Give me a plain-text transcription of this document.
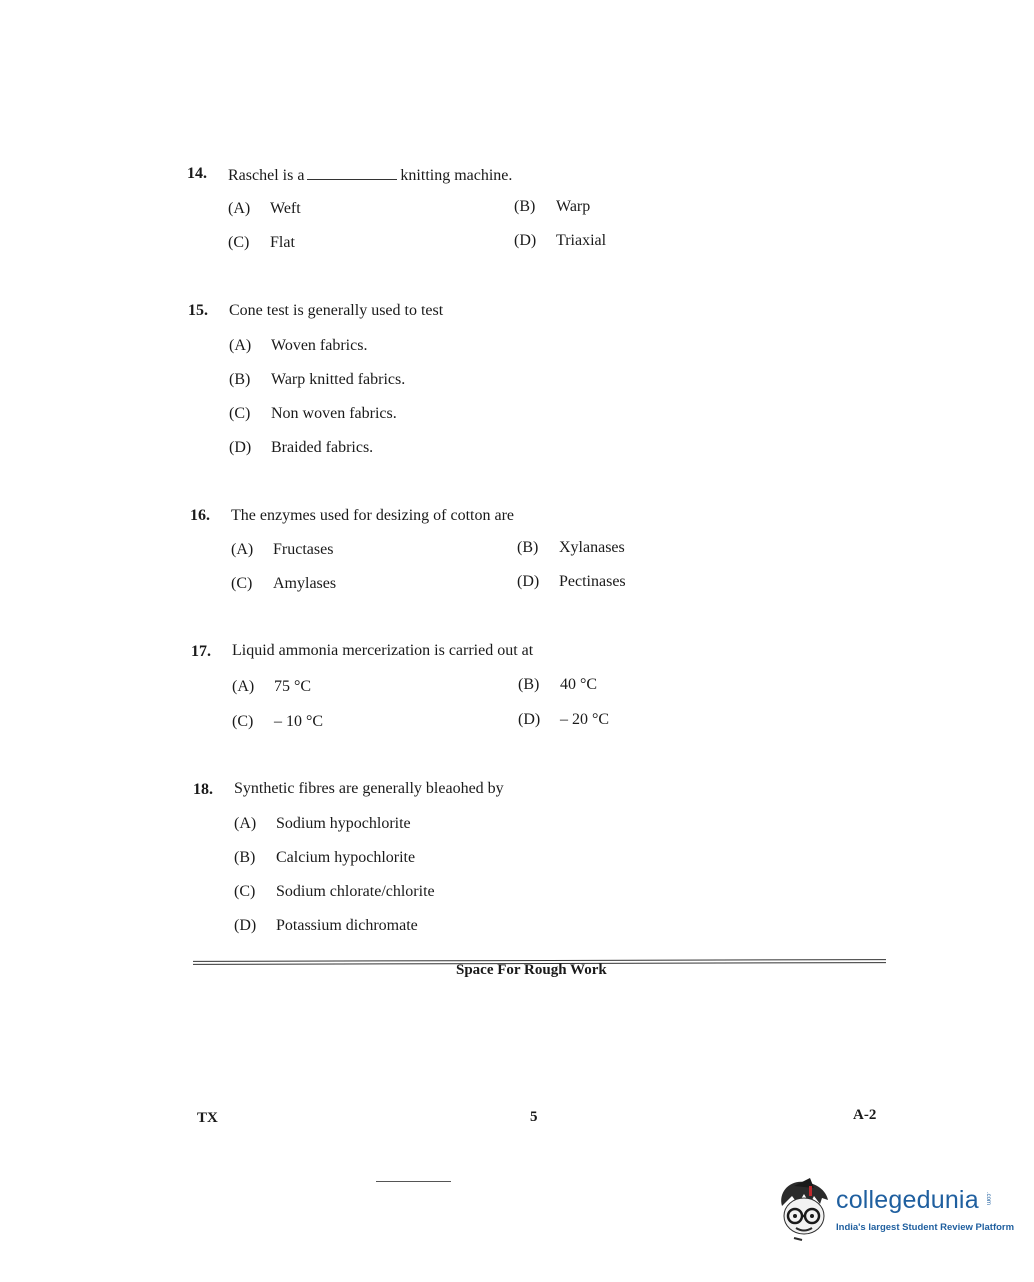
14. Raschel is a	knitting machine.
(A) Weft	(B) Warp
(C) Flat	(D) Triaxial
15. Cone test is generally used to test
(A) Woven fabrics.
(B) Warp knitted fabrics.
(C) Non woven fabrics.
(D) Braided fabrics.
16. The enzymes used for desizing of cotton are
(A) Fructases	(B) Xylanases
(C) Amylases	(D) Pectinases
17. Liquid ammonia mercerization is carried out at
(A) 75 °C	(B) 40 °C
(C) – 10 °C	(D) – 20 °C
18. Synthetic fibres are generally bleaohed by
(A) Sodium hypochlorite
(B) Calcium hypochlorite
(C) Sodium chlorate/chlorite
(D) Potassium dichromate
Space For Rough Work
TX	5	A-2
collegedunia .com
India's largest Student Review Platform
